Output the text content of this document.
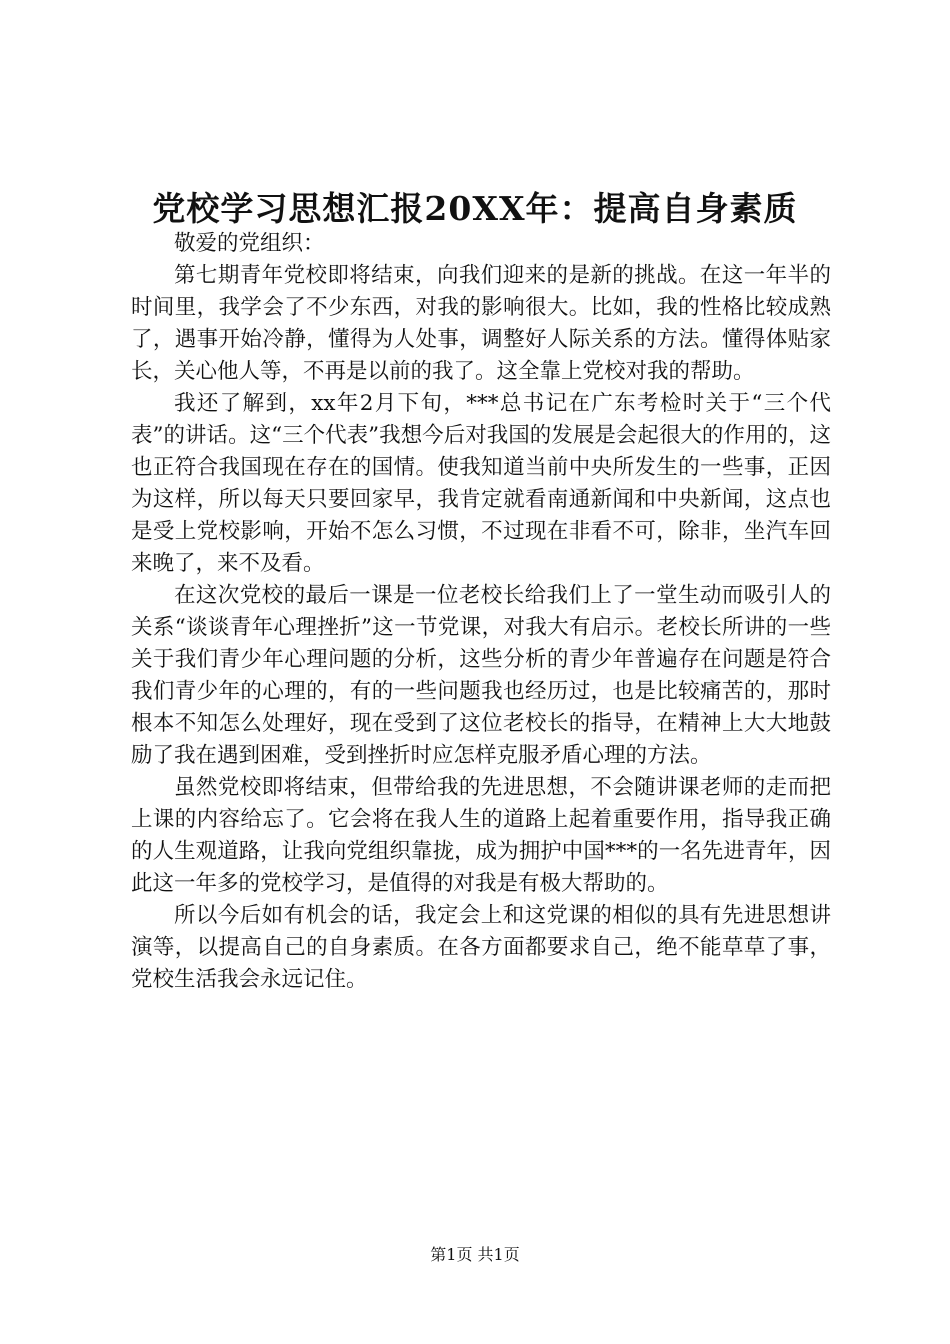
党校学习思想汇报20XX年：提高自身素质

敬爱的党组织：

第七期青年党校即将结束，向我们迎来的是新的挑战。在这一年半的时间里，我学会了不少东西，对我的影响很大。比如，我的性格比较成熟了，遇事开始冷静，懂得为人处事，调整好人际关系的方法。懂得体贴家长，关心他人等，不再是以前的我了。这全靠上党校对我的帮助。

我还了解到，xx年2月下旬，***总书记在广东考检时关于“三个代表”的讲话。这“三个代表”我想今后对我国的发展是会起很大的作用的，这也正符合我国现在存在的国情。使我知道当前中央所发生的一些事，正因为这样，所以每天只要回家早，我肯定就看南通新闻和中央新闻，这点也是受上党校影响，开始不怎么习惯，不过现在非看不可，除非，坐汽车回来晚了，来不及看。

在这次党校的最后一课是一位老校长给我们上了一堂生动而吸引人的关系“谈谈青年心理挫折”这一节党课，对我大有启示。老校长所讲的一些关于我们青少年心理问题的分析，这些分析的青少年普遍存在问题是符合我们青少年的心理的，有的一些问题我也经历过，也是比较痛苦的，那时根本不知怎么处理好，现在受到了这位老校长的指导，在精神上大大地鼓励了我在遇到困难，受到挫折时应怎样克服矛盾心理的方法。

虽然党校即将结束，但带给我的先进思想，不会随讲课老师的走而把上课的内容给忘了。它会将在我人生的道路上起着重要作用，指导我正确的人生观道路，让我向党组织靠拢，成为拥护中国***的一名先进青年，因此这一年多的党校学习，是值得的对我是有极大帮助的。

所以今后如有机会的话，我定会上和这党课的相似的具有先进思想讲演等，以提高自己的自身素质。在各方面都要求自己，绝不能草草了事，党校生活我会永远记住。

第1页 共1页
